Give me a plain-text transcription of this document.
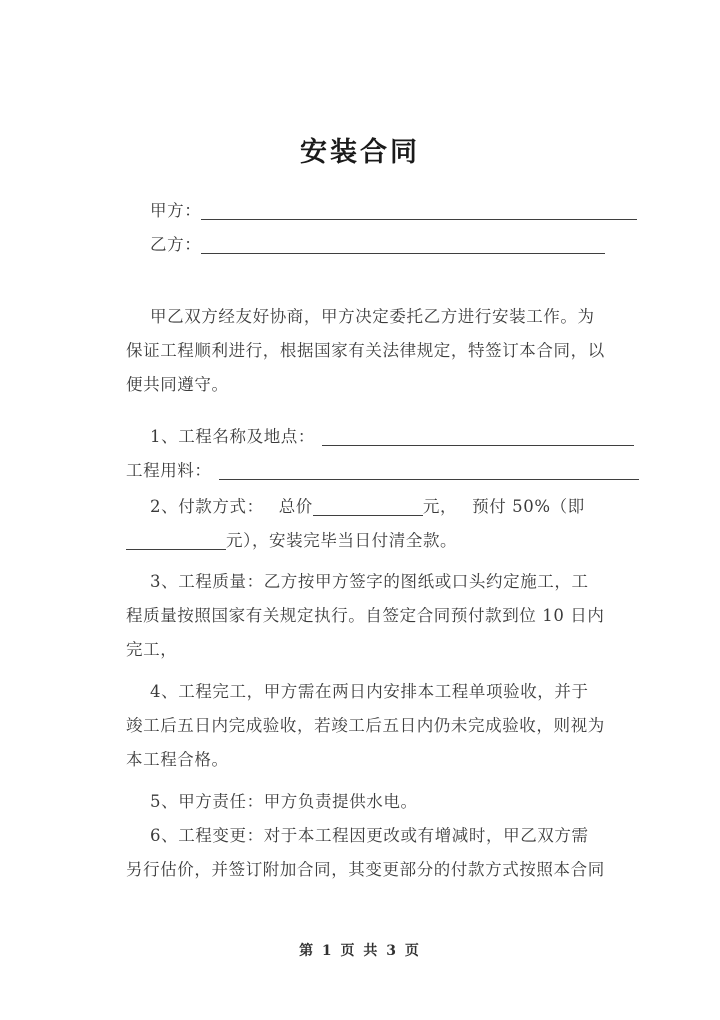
安装合同
甲方：
乙方：
甲乙双方经友好协商，甲方决定委托乙方进行安装工作。为
保证工程顺利进行，根据国家有关法律规定，特签订本合同，以
便共同遵守。
1、工程名称及地点：
工程用料：
2、付款方式： 总价	元， 预付 50%（即
元），安装完毕当日付清全款。
3、工程质量：乙方按甲方签字的图纸或口头约定施工，工
程质量按照国家有关规定执行。自签定合同预付款到位 10 日内
完工，
4、工程完工，甲方需在两日内安排本工程单项验收，并于
竣工后五日内完成验收，若竣工后五日内仍未完成验收，则视为
本工程合格。
5、甲方责任：甲方负责提供水电。
6、工程变更：对于本工程因更改或有增减时，甲乙双方需
另行估价，并签订附加合同，其变更部分的付款方式按照本合同
第 1 页 共 3 页
